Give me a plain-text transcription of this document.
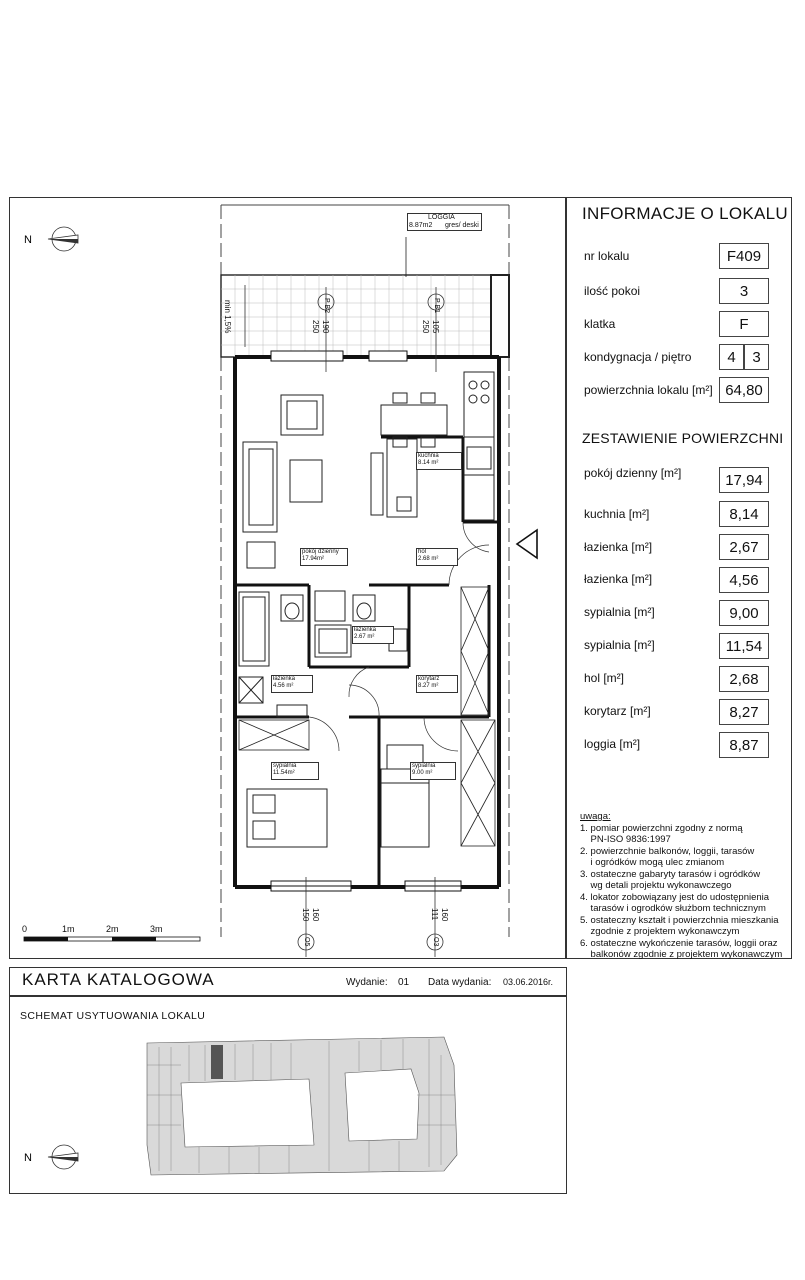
N
LOGGIA
8.87m2 gres/ deski
min 1,5%	P B2
190
250
P B1
105
250
O5
150 160
O3
111 160
kuchnia
8.14 m²
pokój dzienny
17.94m²
hol
2.68 m²
łazienka
2.67 m²
łazienka
4.56 m²
korytarz
8.27 m²
sypialnia
11.54m²
sypialnia
9.00 m²
0	1m	2m	3m
INFORMACJE O LOKALU
nr lokalu	F409
ilość pokoi	3
klatka	F
kondygnacja / piętro	4	3
powierzchnia lokalu [m²] 64,80
ZESTAWIENIE POWIERZCHNI
pokój dzienny [m²]	17,94
kuchnia [m²]	8,14
łazienka [m²]	2,67
łazienka [m²]	4,56
sypialnia [m²]	9,00
sypialnia [m²]	11,54
hol [m²]	2,68
korytarz [m²]	8,27
loggia [m²]	8,87
uwaga:
1. pomiar powierzchni zgodny z normą
PN-ISO 9836:1997
2. powierzchnie balkonów, loggii, tarasów
i ogródków mogą ulec zmianom
3. ostateczne gabaryty tarasów i ogródków
wg detali projektu wykonawczego
4. lokator zobowiązany jest do udostępnienia
tarasów i ogrodków służbom technicznym
5. ostateczny kształt i powierzchnia mieszkania
zgodnie z projektem wykonawczym
6. ostateczne wykończenie tarasów, loggii oraz
balkonów zgodnie z projektem wykonawczym
KARTA KATALOGOWA	Wydanie: 01 Data wydania: 03.06.2016r.
SCHEMAT USYTUOWANIA LOKALU
N
